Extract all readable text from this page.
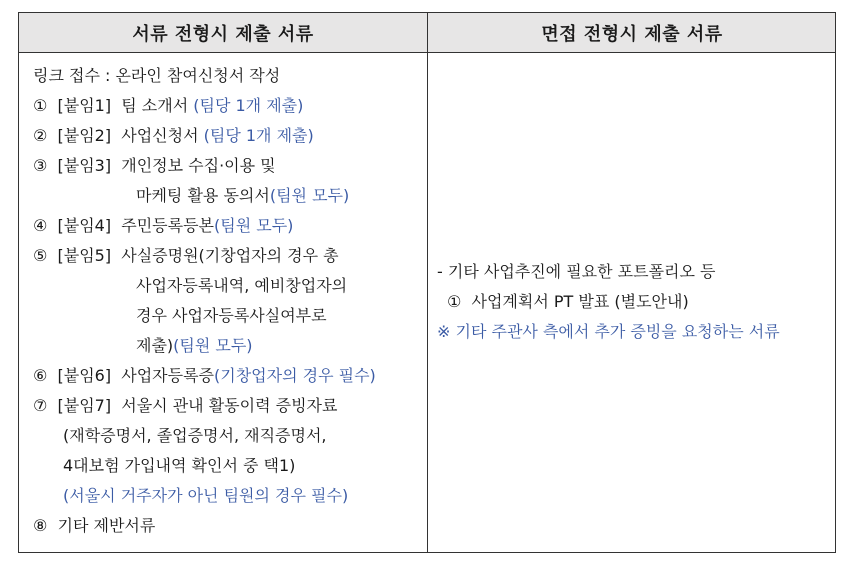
서류 전형시 제출 서류	면접 전형시 제출 서류
링크 접수 : 온라인 참여신청서 작성
① [붙임1] 팀 소개서 (팀당 1개 제출)
② [붙임2] 사업신청서 (팀당 1개 제출)
③ [붙임3] 개인정보 수집·이용 및
마케팅 활용 동의서(팀원 모두)
④ [붙임4] 주민등록등본(팀원 모두)
⑤ [붙임5] 사실증명원(기창업자의 경우 총
사업자등록내역, 예비창업자의
경우 사업자등록사실여부로
제출)(팀원 모두)
⑥ [붙임6] 사업자등록증(기창업자의 경우 필수)
⑦ [붙임7] 서울시 관내 활동이력 증빙자료
(재학증명서, 졸업증명서, 재직증명서,
4대보험 가입내역 확인서 중 택1)
(서울시 거주자가 아닌 팀원의 경우 필수)
⑧ 기타 제반서류
- 기타 사업추진에 필요한 포트폴리오 등
① 사업계획서 PT 발표 (별도안내)
※ 기타 주관사 측에서 추가 증빙을 요청하는 서류
